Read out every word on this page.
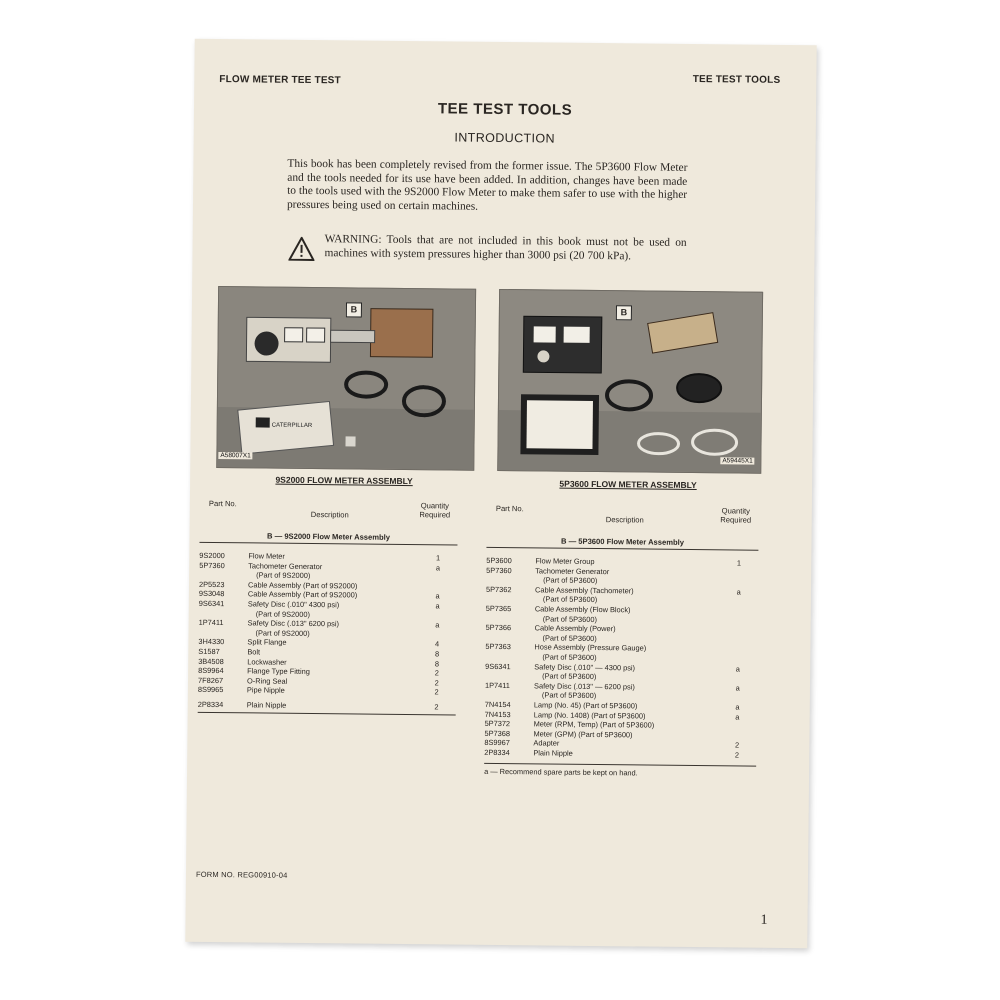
FLOW METER TEE TEST	TEE TEST TOOLS
TEE TEST TOOLS
INTRODUCTION
This book has been completely revised from the former issue. The 5P3600 Flow Meter and the tools needed for its use have been added. In addition, changes have been made to the tools used with the 9S2000 Flow Meter to make them safer to use with the higher pressures being used on certain machines.
WARNING: Tools that are not included in this book must not be used on machines with system pressures higher than 3000 psi (20 700 kPa).
CATERPILLAR
B
A58007X1
B
A59445X1
9S2000 FLOW METER ASSEMBLY	5P3600 FLOW METER ASSEMBLY
Part No.
Description
Quantity Required
B — 9S2000 Flow Meter Assembly
9S2000	Flow Meter	1
5P7360	Tachometer Generator	a
	(Part of 9S2000)	
2P5523	Cable Assembly (Part of 9S2000)	
9S3048	Cable Assembly (Part of 9S2000)	a
9S6341	Safety Disc (.010" 4300 psi)	a
	(Part of 9S2000)	
1P7411	Safety Disc (.013" 6200 psi)	a
	(Part of 9S2000)	
3H4330	Split Flange	4
S1587	Bolt	8
3B4508	Lockwasher	8
8S9964	Flange Type Fitting	2
7F8267	O-Ring Seal	2
8S9965	Pipe Nipple	2
2P8334	Plain Nipple	2
Part No.
Description
Quantity Required
B — 5P3600 Flow Meter Assembly
5P3600	Flow Meter Group	1
5P7360	Tachometer Generator	
	(Part of 5P3600)	
5P7362	Cable Assembly (Tachometer)	a
	(Part of 5P3600)	
5P7365	Cable Assembly (Flow Block)	
	(Part of 5P3600)	
5P7366	Cable Assembly (Power)	
	(Part of 5P3600)	
5P7363	Hose Assembly (Pressure Gauge)	
	(Part of 5P3600)	
9S6341	Safety Disc (.010" — 4300 psi)	a
	(Part of 5P3600)	
1P7411	Safety Disc (.013" — 6200 psi)	a
	(Part of 5P3600)	
7N4154	Lamp (No. 45) (Part of 5P3600)	a
7N4153	Lamp (No. 1408) (Part of 5P3600)	a
5P7372	Meter (RPM, Temp) (Part of 5P3600)	
5P7368	Meter (GPM) (Part of 5P3600)	
8S9967	Adapter	2
2P8334	Plain Nipple	2
a — Recommend spare parts be kept on hand.
FORM NO. REG00910-04
1
